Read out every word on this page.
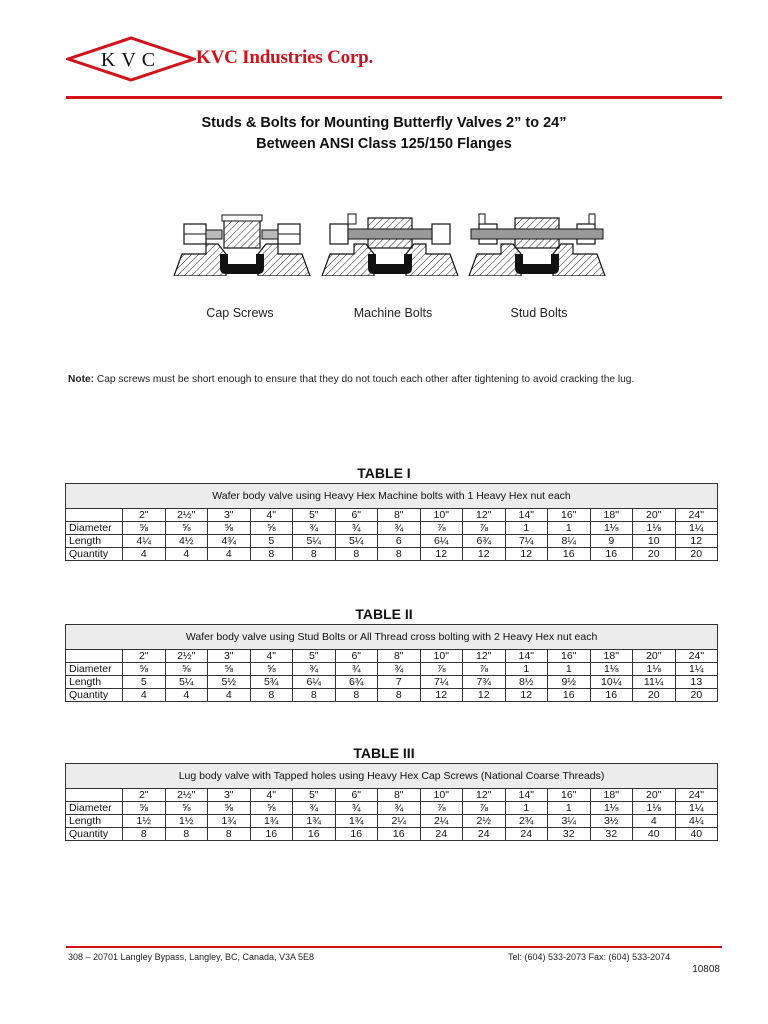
KVC KVC Industries Corp.
Studs & Bolts for Mounting Butterfly Valves 2” to 24”
Between ANSI Class 125/150 Flanges
Cap Screws	Machine Bolts	Stud Bolts
Note: Cap screws must be short enough to ensure that they do not touch each other after tightening to avoid cracking the lug.
TABLE I
Wafer body valve using Heavy Hex Machine bolts with 1 Heavy Hex nut each														
	2"	2½"	3"	4"	5"	6"	8"	10"	12"	14"	16"	18"	20"	24"
Diameter	⅝	⅝	⅝	⅝	¾	¾	¾	⅞	⅞	1	1	1⅛	1⅛	1¼
Length	4¼	4½	4¾	5	5¼	5¼	6	6¼	6¾	7¼	8¼	9	10	12
Quantity	4	4	4	8	8	8	8	12	12	12	16	16	20	20
TABLE II
Wafer body valve using Stud Bolts or All Thread cross bolting with 2 Heavy Hex nut each														
	2"	2½"	3"	4"	5"	6"	8"	10"	12"	14"	16"	18"	20"	24"
Diameter	⅝	⅝	⅝	⅝	¾	¾	¾	⅞	⅞	1	1	1⅛	1⅛	1¼
Length	5	5¼	5½	5¾	6¼	6¾	7	7¼	7¾	8½	9½	10¼	11¼	13
Quantity	4	4	4	8	8	8	8	12	12	12	16	16	20	20
TABLE III
Lug body valve with Tapped holes using Heavy Hex Cap Screws (National Coarse Threads)														
	2"	2½"	3"	4"	5"	6"	8"	10"	12"	14"	16"	18"	20"	24"
Diameter	⅝	⅝	⅝	⅝	¾	¾	¾	⅞	⅞	1	1	1⅛	1⅛	1¼
Length	1½	1½	1¾	1¾	1¾	1¾	2¼	2¼	2½	2¾	3¼	3½	4	4¼
Quantity	8	8	8	16	16	16	16	24	24	24	32	32	40	40
308 – 20701 Langley Bypass, Langley, BC, Canada, V3A 5E8	Tel: (604) 533-2073 Fax: (604) 533-2074
10808
